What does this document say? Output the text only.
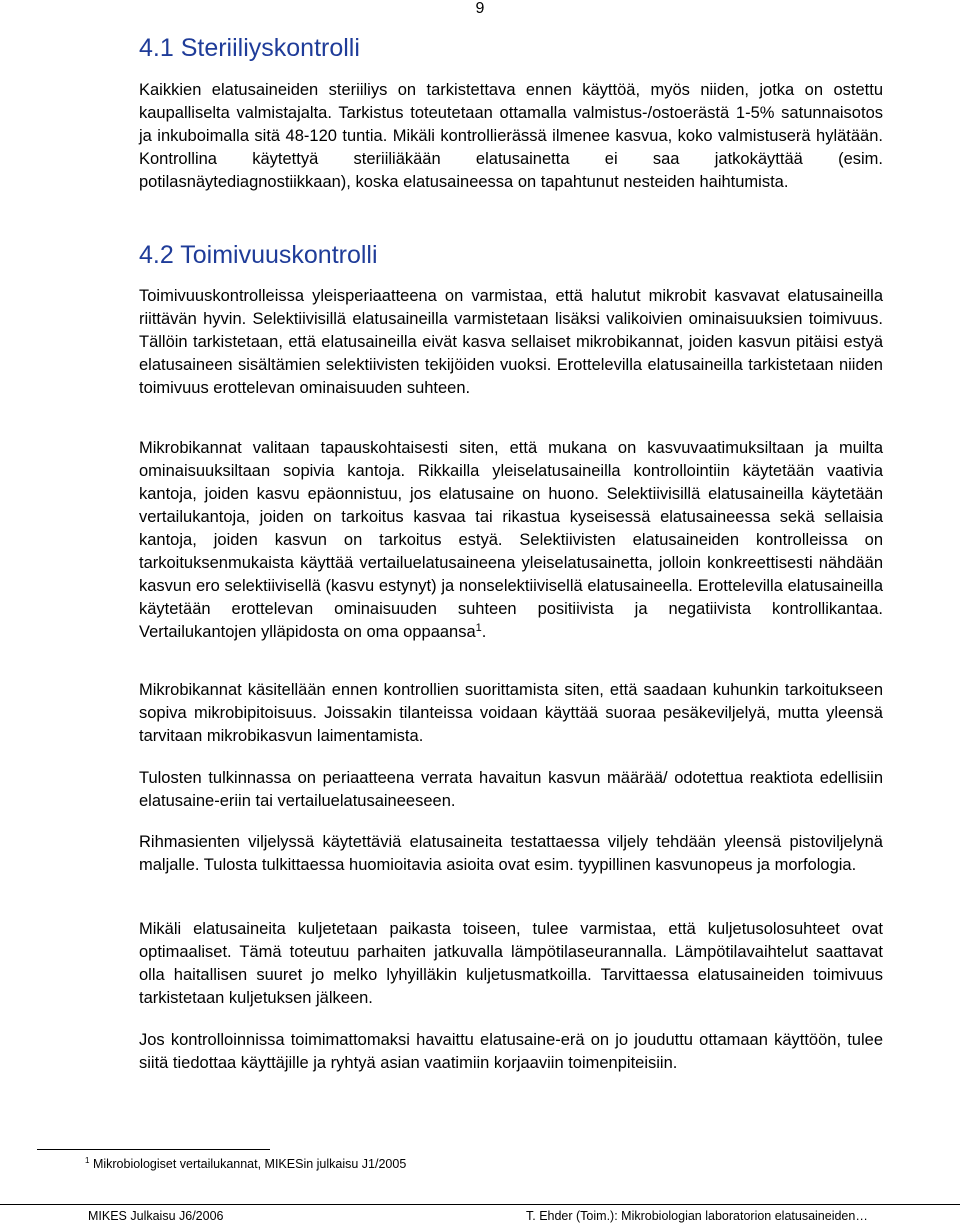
9
4.1 Steriiliyskontrolli

Kaikkien elatusaineiden steriiliys on tarkistettava ennen käyttöä, myös niiden, jotka on ostettu kaupalliselta valmistajalta. Tarkistus toteutetaan ottamalla valmistus-/ostoerästä 1-5% satunnaisotos ja inkuboimalla sitä 48-120 tuntia. Mikäli kontrollierässä ilmenee kasvua, koko valmistuserä hylätään. Kontrollina käytettyä steriiliäkään elatusainetta ei saa jatkokäyttää (esim. potilasnäytediagnostiikkaan), koska elatusaineessa on tapahtunut nesteiden haihtumista.

4.2 Toimivuuskontrolli

Toimivuuskontrolleissa yleisperiaatteena on varmistaa, että halutut mikrobit kasvavat elatusaineilla riittävän hyvin. Selektiivisillä elatusaineilla varmistetaan lisäksi valikoivien ominaisuuksien toimivuus. Tällöin tarkistetaan, että elatusaineilla eivät kasva sellaiset mikrobikannat, joiden kasvun pitäisi estyä elatusaineen sisältämien selektiivisten tekijöiden vuoksi. Erottelevilla elatusaineilla tarkistetaan niiden toimivuus erottelevan ominaisuuden suhteen.

Mikrobikannat valitaan tapauskohtaisesti siten, että mukana on kasvuvaatimuksiltaan ja muilta ominaisuuksiltaan sopivia kantoja. Rikkailla yleiselatusaineilla kontrollointiin käytetään vaativia kantoja, joiden kasvu epäonnistuu, jos elatusaine on huono. Selektiivisillä elatusaineilla käytetään vertailukantoja, joiden on tarkoitus kasvaa tai rikastua kyseisessä elatusaineessa sekä sellaisia kantoja, joiden kasvun on tarkoitus estyä. Selektiivisten elatusaineiden kontrolleissa on tarkoituksenmukaista käyttää vertailuelatusaineena yleiselatusainetta, jolloin konkreettisesti nähdään kasvun ero selektiivisellä (kasvu estynyt) ja nonselektiivisellä elatusaineella. Erottelevilla elatusaineilla käytetään erottelevan ominaisuuden suhteen positiivista ja negatiivista kontrollikantaa. Vertailukantojen ylläpidosta on oma oppaansa$^1$.

Mikrobikannat käsitellään ennen kontrollien suorittamista siten, että saadaan kuhunkin tarkoitukseen sopiva mikrobipitoisuus. Joissakin tilanteissa voidaan käyttää suoraa pesäkeviljelyä, mutta yleensä tarvitaan mikrobikasvun laimentamista.

Tulosten tulkinnassa on periaatteena verrata havaitun kasvun määrää/ odotettua reaktiota edellisiin elatusaine-eriin tai vertailuelatusaineeseen.

Rihmasienten viljelyssä käytettäviä elatusaineita testattaessa viljely tehdään yleensä pistoviljelynä maljalle. Tulosta tulkittaessa huomioitavia asioita ovat esim. tyypillinen kasvunopeus ja morfologia.

Mikäli elatusaineita kuljetetaan paikasta toiseen, tulee varmistaa, että kuljetusolosuhteet ovat optimaaliset. Tämä toteutuu parhaiten jatkuvalla lämpötilaseurannalla. Lämpötilavaihtelut saattavat olla haitallisen suuret jo melko lyhyilläkin kuljetusmatkoilla. Tarvittaessa elatusaineiden toimivuus tarkistetaan kuljetuksen jälkeen.

Jos kontrolloinnissa toimimattomaksi havaittu elatusaine-erä on jo jouduttu ottamaan käyttöön, tulee siitä tiedottaa käyttäjille ja ryhtyä asian vaatimiin korjaaviin toimenpiteisiin.

$^1$ Mikrobiologiset vertailukannat, MIKESin julkaisu J1/2005
MIKES Julkaisu J6/2006	T. Ehder (Toim.): Mikrobiologian laboratorion elatusaineiden…
